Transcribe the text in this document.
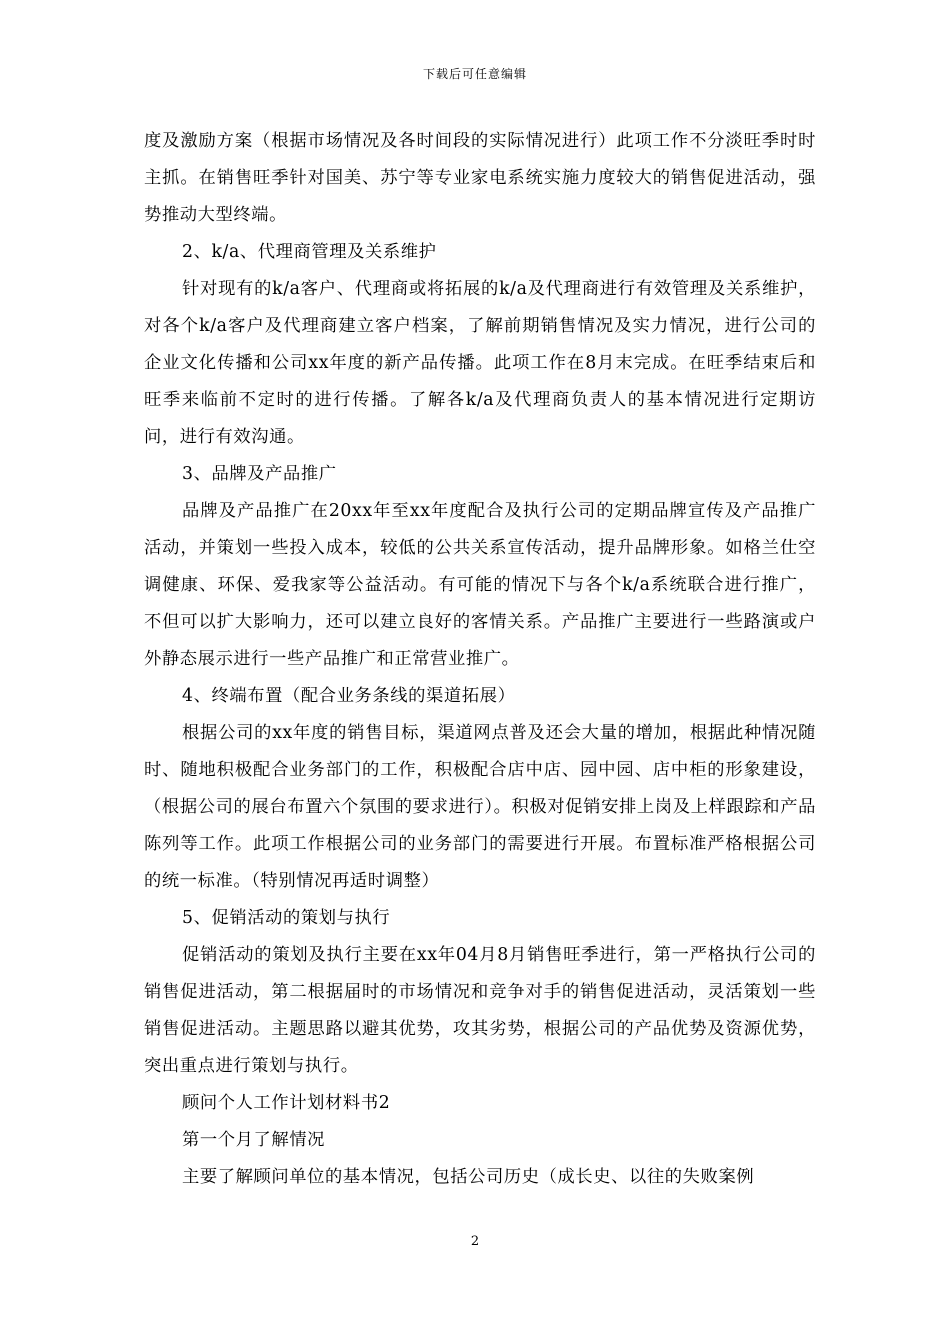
下载后可任意编辑

度及激励方案（根据市场情况及各时间段的实际情况进行）此项工作不分淡旺季时时主抓。在销售旺季针对国美、苏宁等专业家电系统实施力度较大的销售促进活动，强势推动大型终端。

2、k/a、代理商管理及关系维护

针对现有的k/a客户、代理商或将拓展的k/a及代理商进行有效管理及关系维护，对各个k/a客户及代理商建立客户档案，了解前期销售情况及实力情况，进行公司的企业文化传播和公司xx年度的新产品传播。此项工作在8月末完成。在旺季结束后和旺季来临前不定时的进行传播。了解各k/a及代理商负责人的基本情况进行定期访问，进行有效沟通。

3、品牌及产品推广

品牌及产品推广在20xx年至xx年度配合及执行公司的定期品牌宣传及产品推广活动，并策划一些投入成本，较低的公共关系宣传活动，提升品牌形象。如格兰仕空调健康、环保、爱我家等公益活动。有可能的情况下与各个k/a系统联合进行推广，不但可以扩大影响力，还可以建立良好的客情关系。产品推广主要进行一些路演或户外静态展示进行一些产品推广和正常营业推广。

4、终端布置（配合业务条线的渠道拓展）

根据公司的xx年度的销售目标，渠道网点普及还会大量的增加，根据此种情况随时、随地积极配合业务部门的工作，积极配合店中店、园中园、店中柜的形象建设，（根据公司的展台布置六个氛围的要求进行）。积极对促销安排上岗及上样跟踪和产品陈列等工作。此项工作根据公司的业务部门的需要进行开展。布置标准严格根据公司的统一标准。（特别情况再适时调整）

5、促销活动的策划与执行

促销活动的策划及执行主要在xx年04月8月销售旺季进行，第一严格执行公司的销售促进活动，第二根据届时的市场情况和竞争对手的销售促进活动，灵活策划一些销售促进活动。主题思路以避其优势，攻其劣势，根据公司的产品优势及资源优势，突出重点进行策划与执行。

顾问个人工作计划材料书2

第一个月了解情况

主要了解顾问单位的基本情况，包括公司历史（成长史、以往的失败案例

2
